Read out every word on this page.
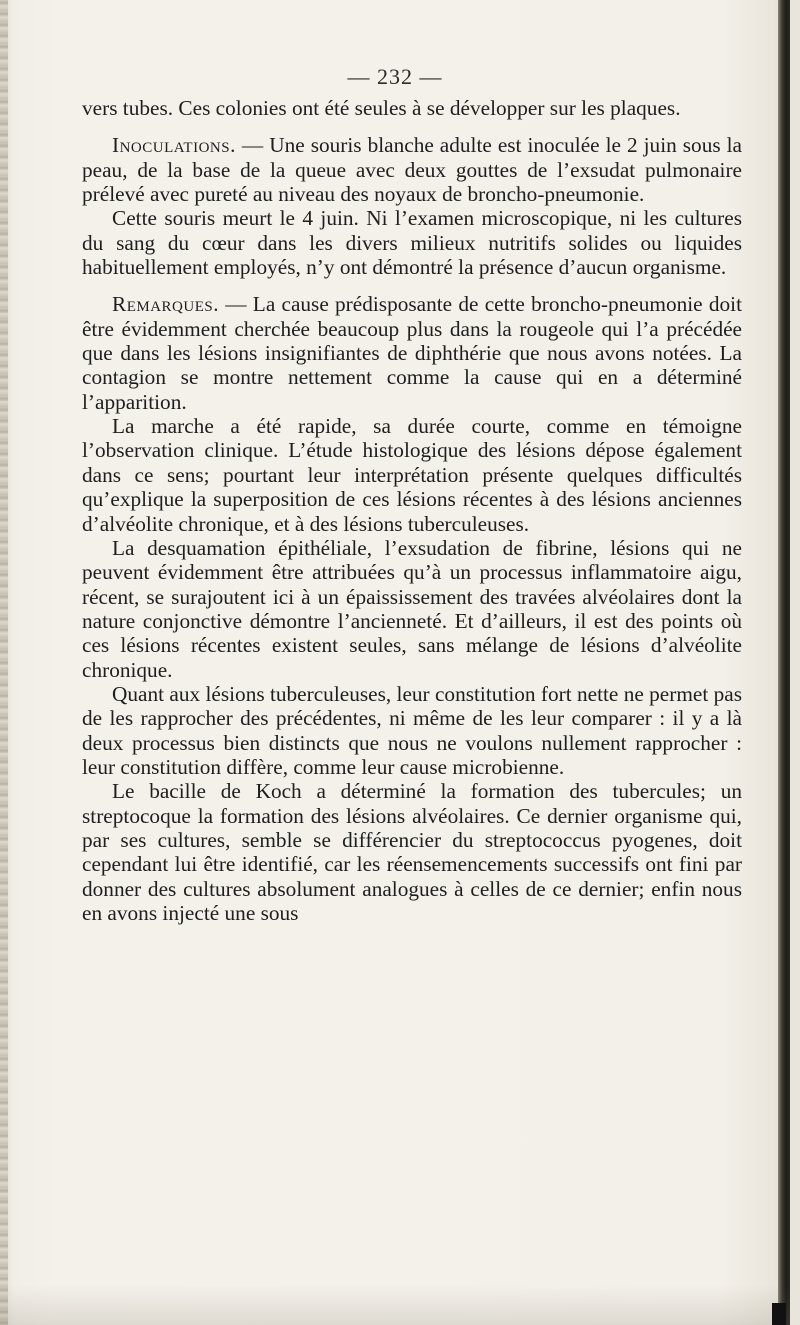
— 232 —

vers tubes. Ces colonies ont été seules à se développer sur les plaques.

Inoculations. — Une souris blanche adulte est inoculée le 2 juin sous la peau, de la base de la queue avec deux gouttes de l’exsudat pulmonaire prélevé avec pureté au niveau des noyaux de broncho-pneumonie.

Cette souris meurt le 4 juin. Ni l’examen microscopique, ni les cultures du sang du cœur dans les divers milieux nutritifs solides ou liquides habituellement employés, n’y ont démontré la présence d’aucun organisme.

Remarques. — La cause prédisposante de cette broncho-pneumonie doit être évidemment cherchée beaucoup plus dans la rougeole qui l’a précédée que dans les lésions insignifiantes de diphthérie que nous avons notées. La contagion se montre nettement comme la cause qui en a déterminé l’apparition.

La marche a été rapide, sa durée courte, comme en témoigne l’observation clinique. L’étude histologique des lésions dépose également dans ce sens; pourtant leur interprétation présente quelques difficultés qu’explique la superposition de ces lésions récentes à des lésions anciennes d’alvéolite chronique, et à des lésions tuberculeuses.

La desquamation épithéliale, l’exsudation de fibrine, lésions qui ne peuvent évidemment être attribuées qu’à un processus inflammatoire aigu, récent, se surajoutent ici à un épaississement des travées alvéolaires dont la nature conjonctive démontre l’ancienneté. Et d’ailleurs, il est des points où ces lésions récentes existent seules, sans mélange de lésions d’alvéolite chronique.

Quant aux lésions tuberculeuses, leur constitution fort nette ne permet pas de les rapprocher des précédentes, ni même de les leur comparer : il y a là deux processus bien distincts que nous ne voulons nullement rapprocher : leur constitution diffère, comme leur cause microbienne.

Le bacille de Koch a déterminé la formation des tubercules; un streptocoque la formation des lésions alvéolaires. Ce dernier organisme qui, par ses cultures, semble se différencier du streptococcus pyogenes, doit cependant lui être identifié, car les réensemencements successifs ont fini par donner des cultures absolument analogues à celles de ce dernier; enfin nous en avons injecté une sous
